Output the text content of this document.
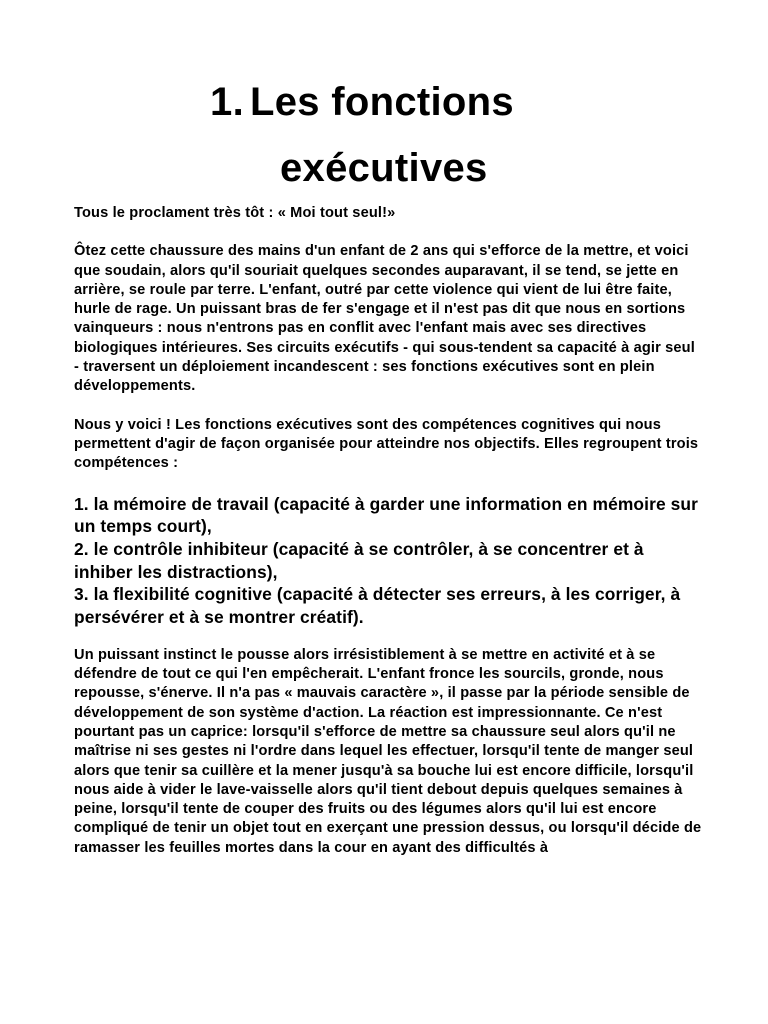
1. Les fonctions
exécutives

Tous le proclament très tôt : « Moi tout seul!»

Ôtez cette chaussure des mains d'un enfant de 2 ans qui s'efforce de la mettre, et voici que soudain, alors qu'il souriait quelques secondes auparavant, il se tend, se jette en arrière, se roule par terre. L'enfant, outré par cette violence qui vient de lui être faite, hurle de rage. Un puissant bras de fer s'engage et il n'est pas dit que nous en sortions vainqueurs : nous n'entrons pas en conflit avec l'enfant mais avec ses directives biologiques intérieures. Ses circuits exécutifs - qui sous-tendent sa capacité à agir seul - traversent un déploiement incandescent : ses fonctions exécutives sont en plein développements.

Nous y voici ! Les fonctions exécutives sont des compétences cognitives qui nous permettent d'agir de façon organisée pour atteindre nos objectifs. Elles regroupent trois compétences :

1. la mémoire de travail (capacité à garder une information en mémoire sur un temps court),
2. le contrôle inhibiteur (capacité à se contrôler, à se concentrer et à inhiber les distractions),
3. la flexibilité cognitive (capacité à détecter ses erreurs, à les corriger, à persévérer et à se montrer créatif).

Un puissant instinct le pousse alors irrésistiblement à se mettre en activité et à se défendre de tout ce qui l'en empêcherait. L'enfant fronce les sourcils, gronde, nous repousse, s'énerve. Il n'a pas « mauvais caractère », il passe par la période sensible de développement de son système d'action. La réaction est impressionnante. Ce n'est pourtant pas un caprice: lorsqu'il s'efforce de mettre sa chaussure seul alors qu'il ne maîtrise ni ses gestes ni l'ordre dans lequel les effectuer, lorsqu'il tente de manger seul alors que tenir sa cuillère et la mener jusqu'à sa bouche lui est encore difficile, lorsqu'il nous aide à vider le lave-vaisselle alors qu'il tient debout depuis quelques semaines à peine, lorsqu'il tente de couper des fruits ou des légumes alors qu'il lui est encore compliqué de tenir un objet tout en exerçant une pression dessus, ou lorsqu'il décide de ramasser les feuilles mortes dans la cour en ayant des difficultés à
